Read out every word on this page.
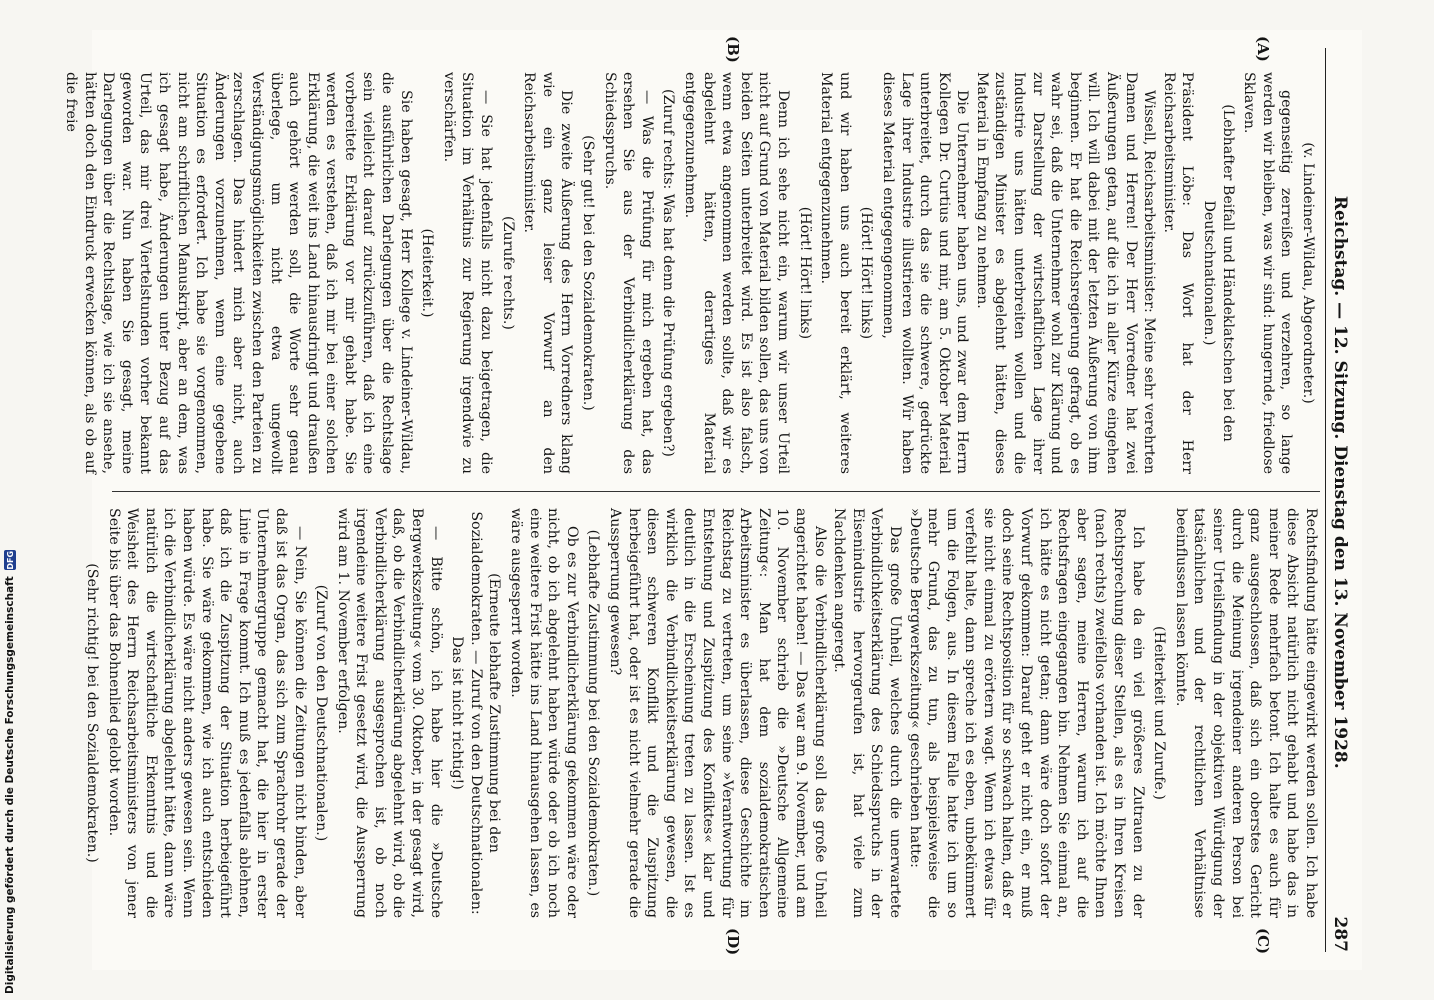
Reichstag. — 12. Sitzung. Dienstag den 13. November 1928.
287
(A)
(B)
(C)
(D)

(v. Lindeiner-Wildau, Abgeordneter.)

gegenseitig zerreißen und verzehren, so lange werden wir bleiben, was wir sind: hungernde, friedlose Sklaven.

(Lebhafter Beifall und Händeklatschen bei den Deutschnationalen.)

Präsident Löbe: Das Wort hat der Herr Reichsarbeitsminister.

Wissell, Reichsarbeitsminister: Meine sehr verehrten Damen und Herren! Der Herr Vorredner hat zwei Äußerungen getan, auf die ich in aller Kürze eingehen will. Ich will dabei mit der letzten Äußerung von ihm beginnen. Er hat die Reichsregierung gefragt, ob es wahr sei, daß die Unternehmer wohl zur Klärung und zur Darstellung der wirtschaftlichen Lage ihrer Industrie uns hätten unterbreiten wollen und die zuständigen Minister es abgelehnt hätten, dieses Material in Empfang zu nehmen.

Die Unternehmer haben uns, und zwar dem Herrn Kollegen Dr. Curtius und mir, am 5. Oktober Material unterbreitet, durch das sie die schwere, gedrückte Lage ihrer Industrie illustrieren wollten. Wir haben dieses Material entgegengenommen,

(Hört! Hört! links)

und wir haben uns auch bereit erklärt, weiteres Material entgegenzunehmen.

(Hört! Hört! links)

Denn ich sehe nicht ein, warum wir unser Urteil nicht auf Grund von Material bilden sollen, das uns von beiden Seiten unterbreitet wird. Es ist also falsch, wenn etwa angenommen werden sollte, daß wir es abgelehnt hätten, derartiges Material entgegenzunehmen.

(Zuruf rechts: Was hat denn die Prüfung ergeben?)

— Was die Prüfung für mich ergeben hat, das ersehen Sie aus der Verbindlicherklärung des Schiedsspruchs.

(Sehr gut! bei den Sozialdemokraten.)

Die zweite Äußerung des Herrn Vorredners klang wie ein ganz leiser Vorwurf an den Reichsarbeitsminister.

(Zurufe rechts.)

— Sie hat jedenfalls nicht dazu beigetragen, die Situation im Verhältnis zur Regierung irgendwie zu verschärfen.

(Heiterkeit.)

Sie haben gesagt, Herr Kollege v. Lindeiner-Wildau, die ausführlichen Darlegungen über die Rechtslage sein vielleicht darauf zurückzuführen, daß ich eine vorbereitete Erklärung vor mir gehabt habe. Sie werden es verstehen, daß ich mir bei einer solchen Erklärung, die weit ins Land hinausdringt und draußen auch gehört werden soll, die Worte sehr genau überlege, um nicht etwa ungewollt Verständigungsmöglichkeiten zwischen den Parteien zu zerschlagen. Das hindert mich aber nicht, auch Änderungen vorzunehmen, wenn eine gegebene Situation es erfordert. Ich habe sie vorgenommen, nicht am schriftlichen Manuskript, aber an dem, was ich gesagt habe, Änderungen unter Bezug auf das Urteil, das mir drei Viertelstunden vorher bekannt geworden war. Nun haben Sie gesagt, meine Darlegungen über die Rechtslage, wie ich sie ansehe, hätten doch den Eindruck erwecken können, als ob auf die freie

Rechtsfindung hätte eingewirkt werden sollen. Ich habe diese Absicht natürlich nicht gehabt und habe das in meiner Rede mehrfach betont. Ich halte es auch für ganz ausgeschlossen, daß sich ein oberstes Gericht durch die Meinung irgendeiner anderen Person bei seiner Urteilsfindung in der objektiven Würdigung der tatsächlichen und der rechtlichen Verhältnisse beeinflussen lassen könnte.

(Heiterkeit und Zurufe.)

Ich habe da ein viel größeres Zutrauen zu der Rechtsprechung dieser Stellen, als es in Ihren Kreisen (nach rechts) zweifellos vorhanden ist. Ich möchte Ihnen aber sagen, meine Herren, warum ich auf die Rechtsfragen eingegangen bin. Nehmen Sie einmal an, ich hätte es nicht getan; dann wäre doch sofort der Vorwurf gekommen: Darauf geht er nicht ein, er muß doch seine Rechtsposition für so schwach halten, daß er sie nicht einmal zu erörtern wagt. Wenn ich etwas für verfehlt halte, dann spreche ich es eben, unbekümmert um die Folgen, aus. In diesem Falle hatte ich um so mehr Grund, das zu tun, als beispielsweise die »Deutsche Bergwerkszeitung« geschrieben hatte:

Das große Unheil, welches durch die unerwartete Verbindlichkeitserklärung des Schiedsspruchs in der Eisenindustrie hervorgerufen ist, hat viele zum Nachdenken angeregt.

Also die Verbindlicherklärung soll das große Unheil angerichtet haben! — Das war am 9. November, und am 10. November schrieb die »Deutsche Allgemeine Zeitung«: Man hat dem sozialdemokratischen Arbeitsminister es überlassen, diese Geschichte im Reichstag zu vertreten, um seine »Verantwortung für Entstehung und Zuspitzung des Konfliktes« klar und deutlich in die Erscheinung treten zu lassen. Ist es wirklich die Verbindlichkeitserklärung gewesen, die diesen schweren Konflikt und die Zuspitzung herbeigeführt hat, oder ist es nicht vielmehr gerade die Aussperrung gewesen?

(Lebhafte Zustimmung bei den Sozialdemokraten.)

Ob es zur Verbindlicherklärung gekommen wäre oder nicht, ob ich abgelehnt haben würde oder ob ich noch eine weitere Frist hätte ins Land hinausgehen lassen, es wäre ausgesperrt worden.

(Erneute lebhafte Zustimmung bei den Sozialdemokraten. — Zuruf von den Deutschnationalen: Das ist nicht richtig!)

— Bitte schön, ich habe hier die »Deutsche Bergwerkszeitung« vom 30. Oktober, in der gesagt wird, daß, ob die Verbindlicherklärung abgelehnt wird, ob die Verbindlicherklärung ausgesprochen ist, ob noch irgendeine weitere Frist gesetzt wird, die Aussperrung wird am 1. November erfolgen.

(Zuruf von den Deutschnationalen.)

— Nein, Sie können die Zeitungen nicht binden, aber daß ist das Organ, das sich zum Sprachrohr gerade der Unternehmergruppe gemacht hat, die hier in erster Linie in Frage kommt. Ich muß es jedenfalls ablehnen, daß ich die Zuspitzung der Situation herbeigeführt habe. Sie wäre gekommen, wie ich auch entschieden haben würde. Es wäre nicht anders gewesen sein. Wenn ich die Verbindlicherklärung abgelehnt hätte, dann wäre natürlich die wirtschaftliche Erkenntnis und die Weisheit des Herrn Reichsarbeitsministers von jener Seite bis über das Bohnenlied gelobt worden.

(Sehr richtig! bei den Sozialdemokraten.)

Digitalisierung gefördert durch die Deutsche Forschungsgemeinschaft
DFG
